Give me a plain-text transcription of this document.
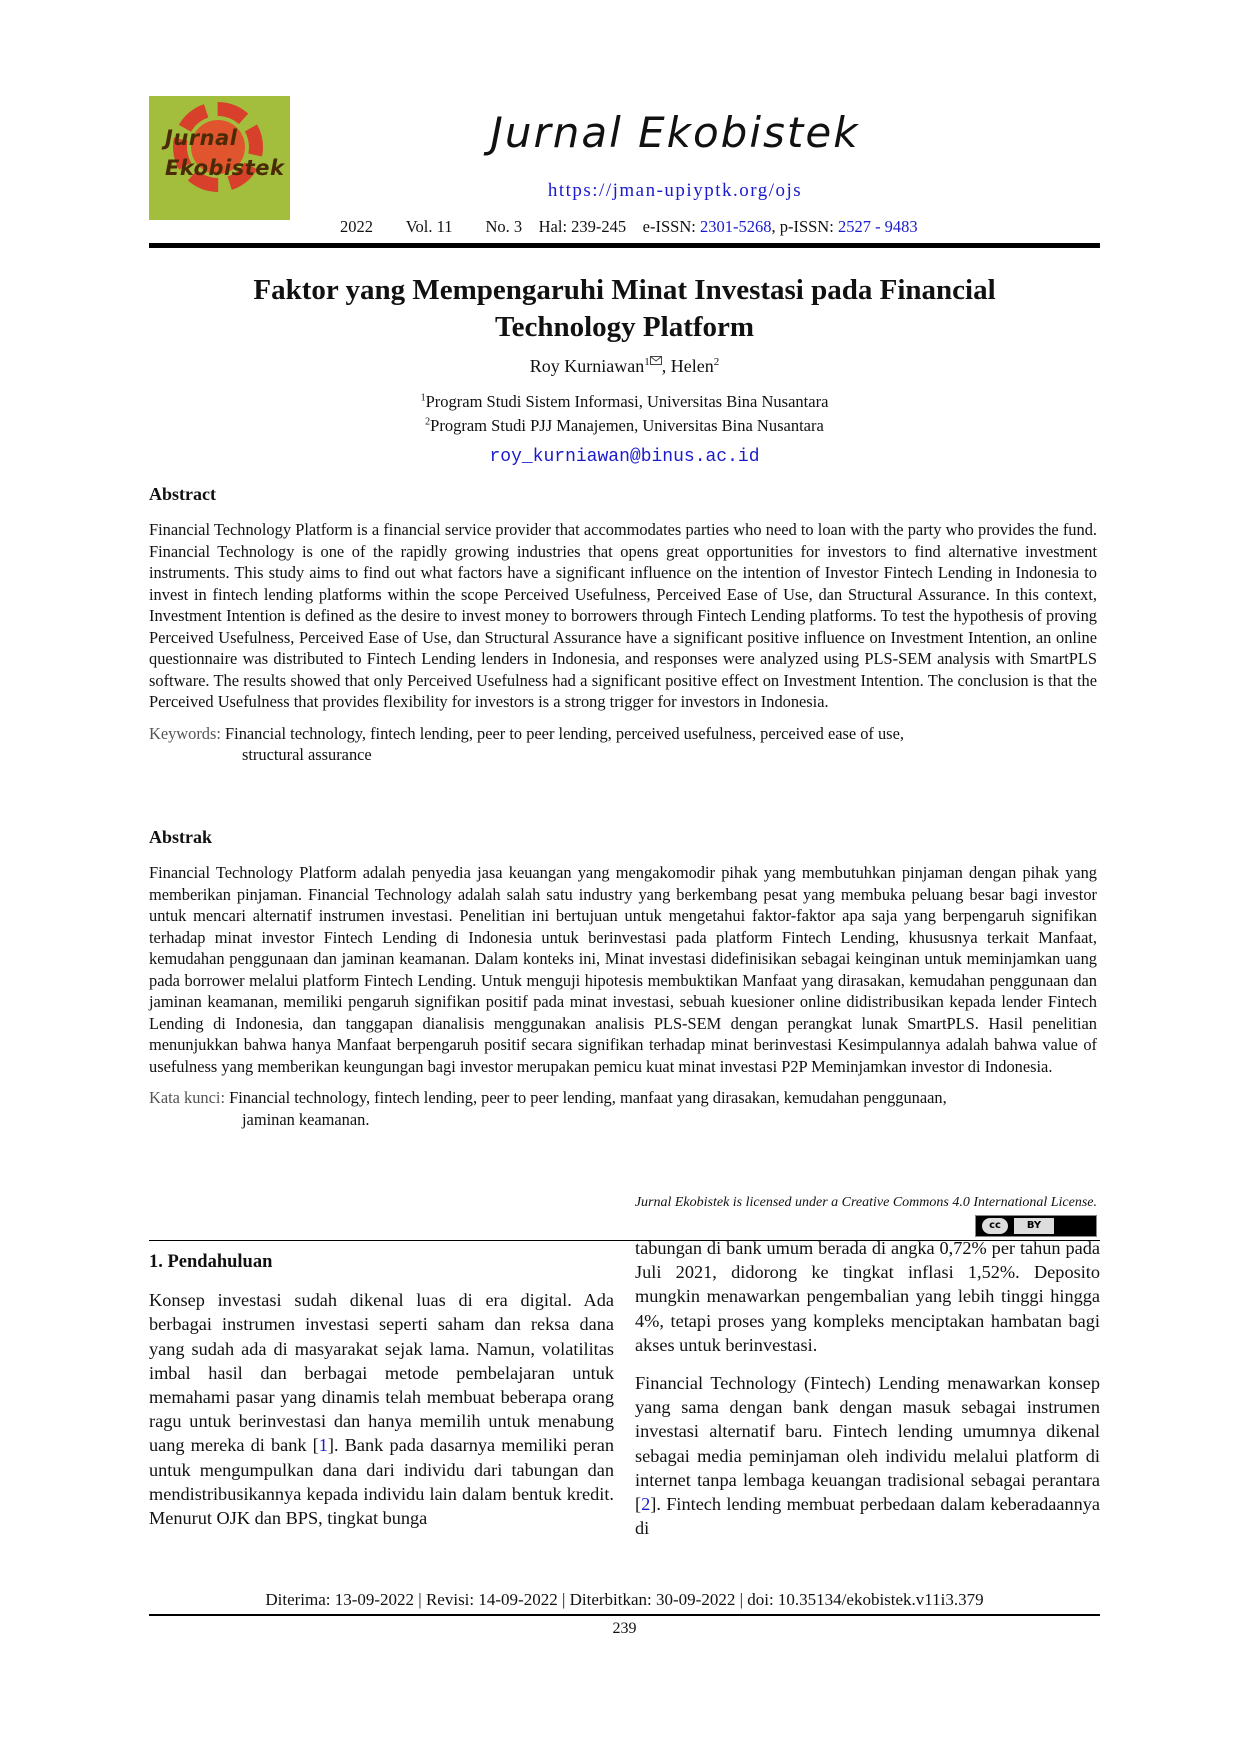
Jurnal
Ekobistek
Jurnal Ekobistek
https://jman-upiyptk.org/ojs
2022 Vol. 11 No. 3 Hal: 239-245 e-ISSN: 2301-5268, p-ISSN: 2527 - 9483
Faktor yang Mempengaruhi Minat Investasi pada Financial
Technology Platform
Roy Kurniawan$^1$ , Helen$^2$
$^1$Program Studi Sistem Informasi, Universitas Bina Nusantara
$^2$Program Studi PJJ Manajemen, Universitas Bina Nusantara
roy_kurniawan@binus.ac.id
Abstract
Financial Technology Platform is a financial service provider that accommodates parties who need to loan with the party who provides the fund. Financial Technology is one of the rapidly growing industries that opens great opportunities for investors to find alternative investment instruments. This study aims to find out what factors have a significant influence on the intention of Investor Fintech Lending in Indonesia to invest in fintech lending platforms within the scope Perceived Usefulness, Perceived Ease of Use, dan Structural Assurance. In this context, Investment Intention is defined as the desire to invest money to borrowers through Fintech Lending platforms. To test the hypothesis of proving Perceived Usefulness, Perceived Ease of Use, dan Structural Assurance have a significant positive influence on Investment Intention, an online questionnaire was distributed to Fintech Lending lenders in Indonesia, and responses were analyzed using PLS-SEM analysis with SmartPLS software. The results showed that only Perceived Usefulness had a significant positive effect on Investment Intention. The conclusion is that the Perceived Usefulness that provides flexibility for investors is a strong trigger for investors in Indonesia.
Keywords: Financial technology, fintech lending, peer to peer lending, perceived usefulness, perceived ease of use,
structural assurance
Abstrak
Financial Technology Platform adalah penyedia jasa keuangan yang mengakomodir pihak yang membutuhkan pinjaman dengan pihak yang memberikan pinjaman. Financial Technology adalah salah satu industry yang berkembang pesat yang membuka peluang besar bagi investor untuk mencari alternatif instrumen investasi. Penelitian ini bertujuan untuk mengetahui faktor-faktor apa saja yang berpengaruh signifikan terhadap minat investor Fintech Lending di Indonesia untuk berinvestasi pada platform Fintech Lending, khususnya terkait Manfaat, kemudahan penggunaan dan jaminan keamanan. Dalam konteks ini, Minat investasi didefinisikan sebagai keinginan untuk meminjamkan uang pada borrower melalui platform Fintech Lending. Untuk menguji hipotesis membuktikan Manfaat yang dirasakan, kemudahan penggunaan dan jaminan keamanan, memiliki pengaruh signifikan positif pada minat investasi, sebuah kuesioner online didistribusikan kepada lender Fintech Lending di Indonesia, dan tanggapan dianalisis menggunakan analisis PLS-SEM dengan perangkat lunak SmartPLS. Hasil penelitian menunjukkan bahwa hanya Manfaat berpengaruh positif secara signifikan terhadap minat berinvestasi Kesimpulannya adalah bahwa value of usefulness yang memberikan keungungan bagi investor merupakan pemicu kuat minat investasi P2P Meminjamkan investor di Indonesia.
Kata kunci: Financial technology, fintech lending, peer to peer lending, manfaat yang dirasakan, kemudahan penggunaan,
jaminan keamanan.
Jurnal Ekobistek is licensed under a Creative Commons 4.0 International License.
cc	BY
1. Pendahuluan

Konsep investasi sudah dikenal luas di era digital. Ada berbagai instrumen investasi seperti saham dan reksa dana yang sudah ada di masyarakat sejak lama. Namun, volatilitas imbal hasil dan berbagai metode pembelajaran untuk memahami pasar yang dinamis telah membuat beberapa orang ragu untuk berinvestasi dan hanya memilih untuk menabung uang mereka di bank [1]. Bank pada dasarnya memiliki peran untuk mengumpulkan dana dari individu dari tabungan dan mendistribusikannya kepada individu lain dalam bentuk kredit. Menurut OJK dan BPS, tingkat bunga

tabungan di bank umum berada di angka 0,72% per tahun pada Juli 2021, didorong ke tingkat inflasi 1,52%. Deposito mungkin menawarkan pengembalian yang lebih tinggi hingga 4%, tetapi proses yang kompleks menciptakan hambatan bagi akses untuk berinvestasi.

Financial Technology (Fintech) Lending menawarkan konsep yang sama dengan bank dengan masuk sebagai instrumen investasi alternatif baru. Fintech lending umumnya dikenal sebagai media peminjaman oleh individu melalui platform di internet tanpa lembaga keuangan tradisional sebagai perantara [2]. Fintech lending membuat perbedaan dalam keberadaannya di

Diterima: 13-09-2022 | Revisi: 14-09-2022 | Diterbitkan: 30-09-2022 | doi: 10.35134/ekobistek.v11i3.379
239
